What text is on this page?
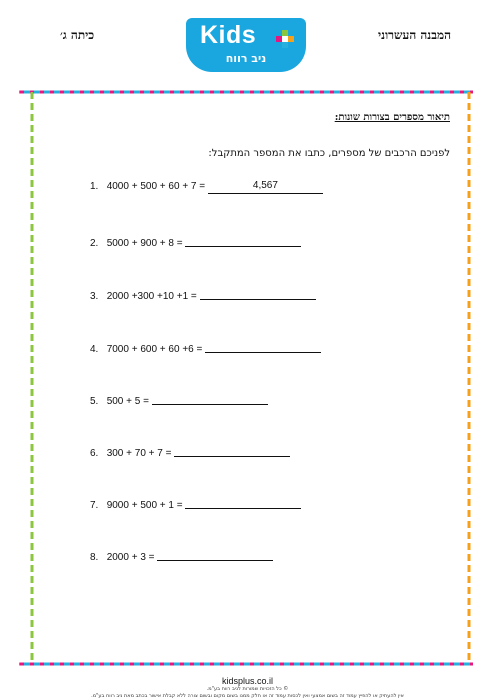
המבנה העשרוני
כיתה ג׳	Kids
ניב רווח
תיאור מספרים בצורות שונות:
לפניכם הרכבים של מספרים, כתבו את המספר המתקבל:
1. 4000 + 500 + 60 + 7 =	4,567
2. 5000 + 900 + 8 =
3. 2000 +300 +10 +1 =
4. 7000 + 600 + 60 +6 =
5. 500 + 5 =
6. 300 + 70 + 7 =
7. 9000 + 500 + 1 =
8. 2000 + 3 =
kidsplus.co.il
© כל הזכויות שמורות לניב רווח בע"מ.
אין להעתיק או להפיץ עמוד זה בשום אמצעי ואין לכסות עמוד זה או חלק ממנו בשום מקום ובשום צורה ללא קבלת אישור בכתב מאת ניב רווח בע"מ.
